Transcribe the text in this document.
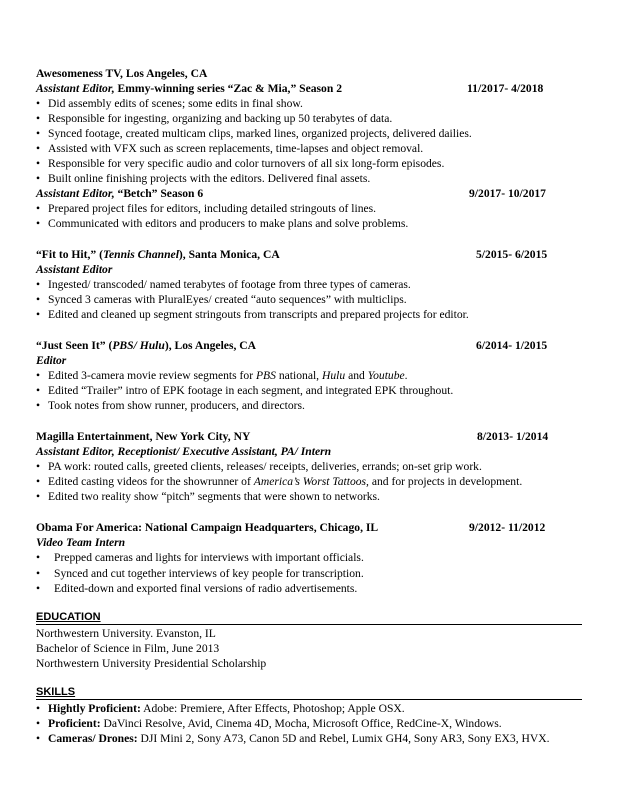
Awesomeness TV, Los Angeles, CA
Assistant Editor, Emmy-winning series “Zac & Mia,” Season 2	11/2017- 4/2018
• Did assembly edits of scenes; some edits in final show.
• Responsible for ingesting, organizing and backing up 50 terabytes of data.
• Synced footage, created multicam clips, marked lines, organized projects, delivered dailies.
• Assisted with VFX such as screen replacements, time-lapses and object removal.
• Responsible for very specific audio and color turnovers of all six long-form episodes.
• Built online finishing projects with the editors. Delivered final assets.
Assistant Editor, “Betch” Season 6	9/2017- 10/2017
• Prepared project files for editors, including detailed stringouts of lines.
• Communicated with editors and producers to make plans and solve problems.
“Fit to Hit,” (Tennis Channel), Santa Monica, CA	5/2015- 6/2015
Assistant Editor
• Ingested/ transcoded/ named terabytes of footage from three types of cameras.
• Synced 3 cameras with PluralEyes/ created “auto sequences” with multiclips.
• Edited and cleaned up segment stringouts from transcripts and prepared projects for editor.
“Just Seen It” (PBS/ Hulu), Los Angeles, CA	6/2014- 1/2015
Editor
• Edited 3-camera movie review segments for PBS national, Hulu and Youtube.
• Edited “Trailer” intro of EPK footage in each segment, and integrated EPK throughout.
• Took notes from show runner, producers, and directors.
Magilla Entertainment, New York City, NY	8/2013- 1/2014
Assistant Editor, Receptionist/ Executive Assistant, PA/ Intern
• PA work: routed calls, greeted clients, releases/ receipts, deliveries, errands; on-set grip work.
• Edited casting videos for the showrunner of America’s Worst Tattoos, and for projects in development.
• Edited two reality show “pitch” segments that were shown to networks.
Obama For America: National Campaign Headquarters, Chicago, IL	9/2012- 11/2012
Video Team Intern
• Prepped cameras and lights for interviews with important officials.
• Synced and cut together interviews of key people for transcription.
• Edited-down and exported final versions of radio advertisements.
EDUCATION
Northwestern University. Evanston, IL
Bachelor of Science in Film, June 2013
Northwestern University Presidential Scholarship
SKILLS
• Hightly Proficient: Adobe: Premiere, After Effects, Photoshop; Apple OSX.
• Proficient: DaVinci Resolve, Avid, Cinema 4D, Mocha, Microsoft Office, RedCine-X, Windows.
• Cameras/ Drones: DJI Mini 2, Sony A73, Canon 5D and Rebel, Lumix GH4, Sony AR3, Sony EX3, HVX.
